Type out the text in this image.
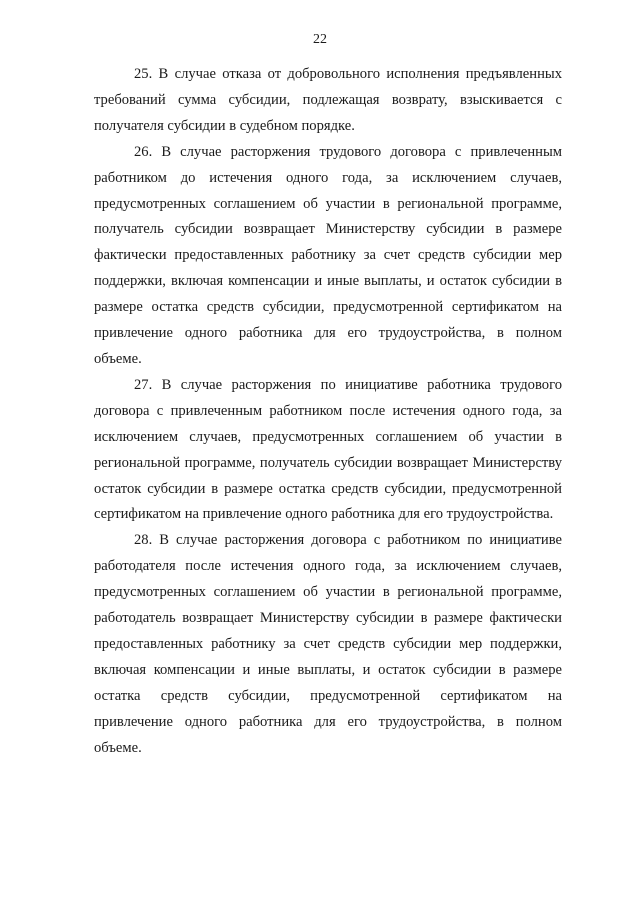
22
25. В случае отказа от добровольного исполнения предъявленных
требований сумма субсидии, подлежащая возврату, взыскивается с
получателя субсидии в судебном порядке.
26. В случае расторжения трудового договора с привлеченным
работником до истечения одного года, за исключением случаев,
предусмотренных соглашением об участии в региональной программе,
получатель субсидии возвращает Министерству субсидии в размере
фактически предоставленных работнику за счет средств субсидии мер
поддержки, включая компенсации и иные выплаты, и остаток субсидии в
размере остатка средств субсидии, предусмотренной сертификатом на
привлечение одного работника для его трудоустройства, в полном
объеме.
27. В случае расторжения по инициативе работника трудового
договора с привлеченным работником после истечения одного года, за
исключением случаев, предусмотренных соглашением об участии в
региональной программе, получатель субсидии возвращает Министерству
остаток субсидии в размере остатка средств субсидии, предусмотренной
сертификатом на привлечение одного работника для его трудоустройства.
28. В случае расторжения договора с работником по инициативе
работодателя после истечения одного года, за исключением случаев,
предусмотренных соглашением об участии в региональной программе,
работодатель возвращает Министерству субсидии в размере фактически
предоставленных работнику за счет средств субсидии мер поддержки,
включая компенсации и иные выплаты, и остаток субсидии в размере
остатка средств субсидии, предусмотренной сертификатом на
привлечение одного работника для его трудоустройства, в полном
объеме.
